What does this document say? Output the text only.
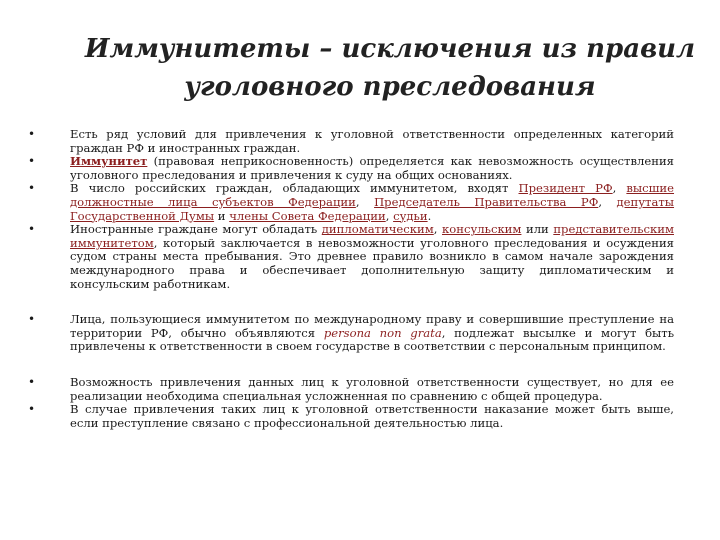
Иммунитеты – исключения из правил
уголовного преследования
•	Есть ряд условий для привлечения к уголовной ответственности определенных категорий граждан РФ и иностранных граждан.
•	Иммунитет (правовая неприкосновенность) определяется как невозможность осуществления уголовного преследования и привлечения к суду на общих основаниях.
•	В число российских граждан, обладающих иммунитетом, входят Президент РФ, высшие должностные лица субъектов Федерации, Председатель Правительства РФ, депутаты Государственной Думы и члены Совета Федерации, судьи.
•	Иностранные граждане могут обладать дипломатическим, консульским или представительским иммунитетом, который заключается в невозможности уголовного преследования и осуждения судом страны места пребывания. Это древнее правило возникло в самом начале зарождения международного права и обеспечивает дополнительную защиту дипломатическим и консульским работникам.
•	Лица, пользующиеся иммунитетом по международному праву и совершившие преступление на территории РФ, обычно объявляются persona non grata, подлежат высылке и могут быть привлечены к ответственности в своем государстве в соответствии с персональным принципом.
•	Возможность привлечения данных лиц к уголовной ответственности существует, но для ее реализации необходима специальная усложненная по сравнению с общей процедура.
•	В случае привлечения таких лиц к уголовной ответственности наказание может быть выше, если преступление связано с профессиональной деятельностью лица.
